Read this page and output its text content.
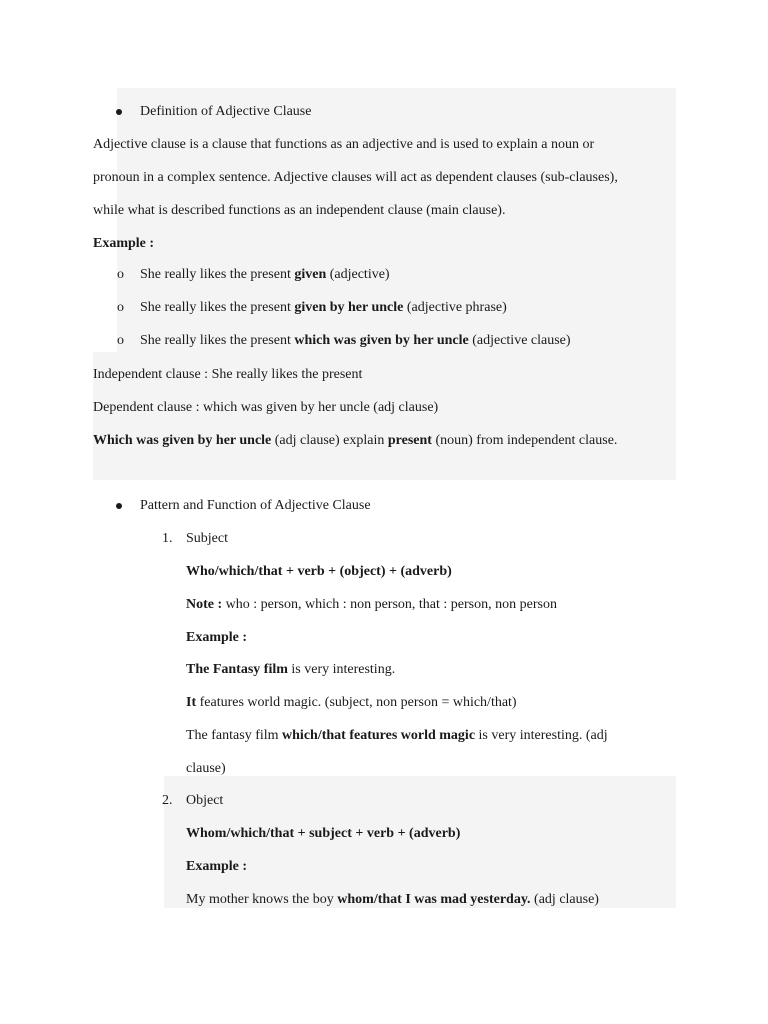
Definition of Adjective Clause
Adjective clause is a clause that functions as an adjective and is used to explain a noun or
pronoun in a complex sentence. Adjective clauses will act as dependent clauses (sub-clauses),
while what is described functions as an independent clause (main clause).
Example :
o She really likes the present given (adjective)
o She really likes the present given by her uncle (adjective phrase)
o She really likes the present which was given by her uncle (adjective clause)
Independent clause : She really likes the present
Dependent clause : which was given by her uncle (adj clause)
Which was given by her uncle (adj clause) explain present (noun) from independent clause.
Pattern and Function of Adjective Clause
1. Subject
Who/which/that + verb + (object) + (adverb)
Note : who : person, which : non person, that : person, non person
Example :
The Fantasy film is very interesting.
It features world magic. (subject, non person = which/that)
The fantasy film which/that features world magic is very interesting. (adj
clause)
2. Object
Whom/which/that + subject + verb + (adverb)
Example :
My mother knows the boy whom/that I was mad yesterday. (adj clause)
